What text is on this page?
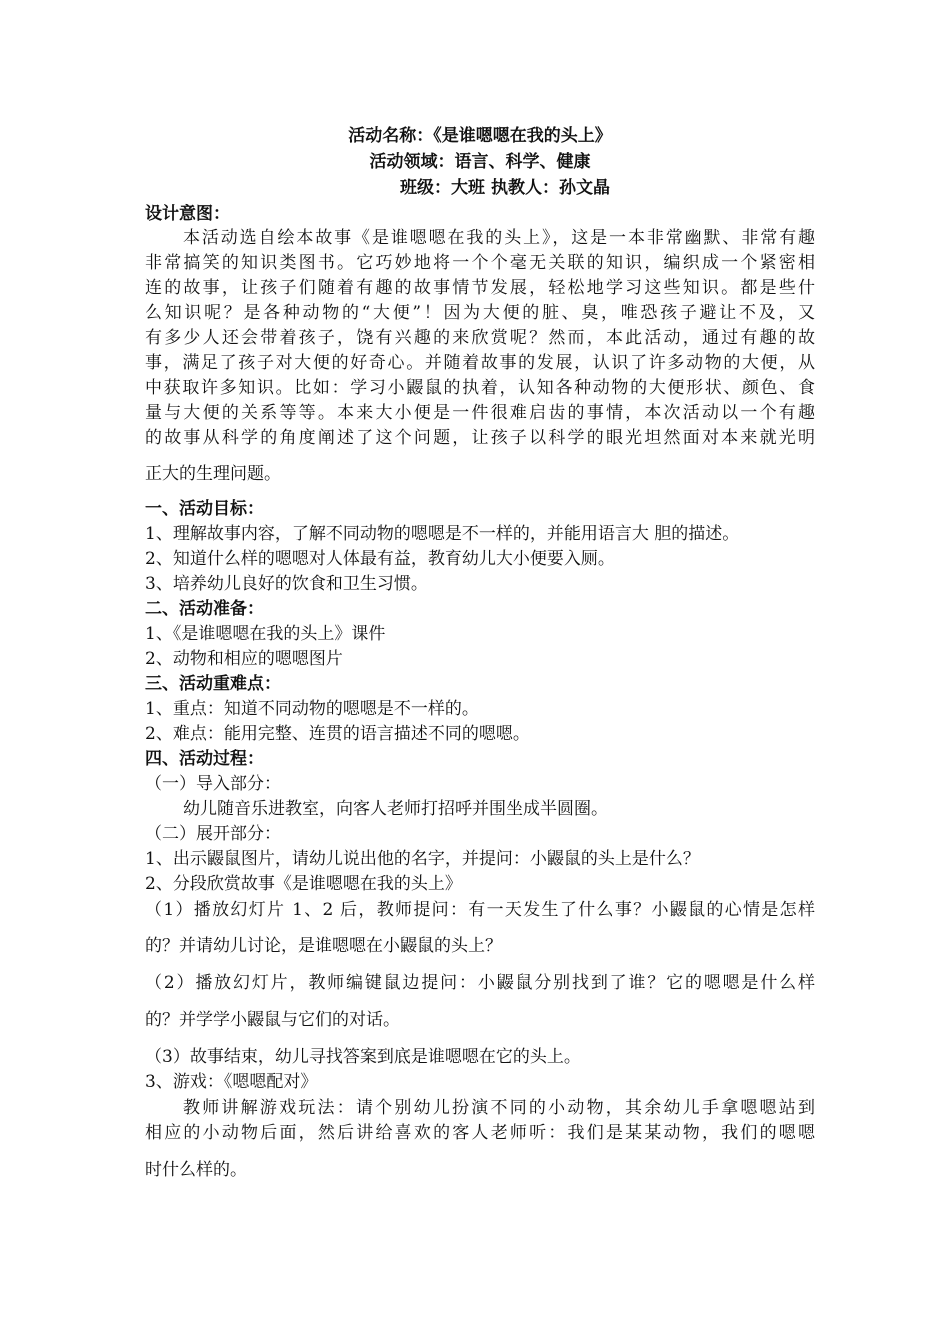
活动名称：《是谁嗯嗯在我的头上》
活动领域：语言、科学、健康
班级：大班 执教人：孙文晶
设计意图：
本活动选自绘本故事《是谁嗯嗯在我的头上》，这是一本非常幽默、非常有趣
非常搞笑的知识类图书。它巧妙地将一个个毫无关联的知识，编织成一个紧密相
连的故事，让孩子们随着有趣的故事情节发展，轻松地学习这些知识。都是些什
么知识呢？是各种动物的“大便”！因为大便的脏、臭，唯恐孩子避让不及，又
有多少人还会带着孩子，饶有兴趣的来欣赏呢？然而，本此活动，通过有趣的故
事，满足了孩子对大便的好奇心。并随着故事的发展，认识了许多动物的大便，从
中获取许多知识。比如：学习小鼹鼠的执着，认知各种动物的大便形状、颜色、食
量与大便的关系等等。本来大小便是一件很难启齿的事情，本次活动以一个有趣
的故事从科学的角度阐述了这个问题，让孩子以科学的眼光坦然面对本来就光明
正大的生理问题。
一、活动目标：
1、理解故事内容，了解不同动物的嗯嗯是不一样的，并能用语言大 胆的描述。
2、知道什么样的嗯嗯对人体最有益，教育幼儿大小便要入厕。
3、培养幼儿良好的饮食和卫生习惯。
二、活动准备：
1、《是谁嗯嗯在我的头上》课件
2、动物和相应的嗯嗯图片
三、活动重难点：
1、重点：知道不同动物的嗯嗯是不一样的。
2、难点：能用完整、连贯的语言描述不同的嗯嗯。
四、活动过程：
（一）导入部分：
幼儿随音乐进教室，向客人老师打招呼并围坐成半圆圈。
（二）展开部分：
1、出示鼹鼠图片，请幼儿说出他的名字，并提问：小鼹鼠的头上是什么？
2、分段欣赏故事《是谁嗯嗯在我的头上》
（1）播放幻灯片 1、2 后，教师提问：有一天发生了什么事？小鼹鼠的心情是怎样
的？并请幼儿讨论，是谁嗯嗯在小鼹鼠的头上？
（2）播放幻灯片，教师编键鼠边提问：小鼹鼠分别找到了谁？它的嗯嗯是什么样
的？并学学小鼹鼠与它们的对话。
（3）故事结束，幼儿寻找答案到底是谁嗯嗯在它的头上。
3、游戏：《嗯嗯配对》
教师讲解游戏玩法：请个别幼儿扮演不同的小动物，其余幼儿手拿嗯嗯站到
相应的小动物后面，然后讲给喜欢的客人老师听：我们是某某动物，我们的嗯嗯
时什么样的。
